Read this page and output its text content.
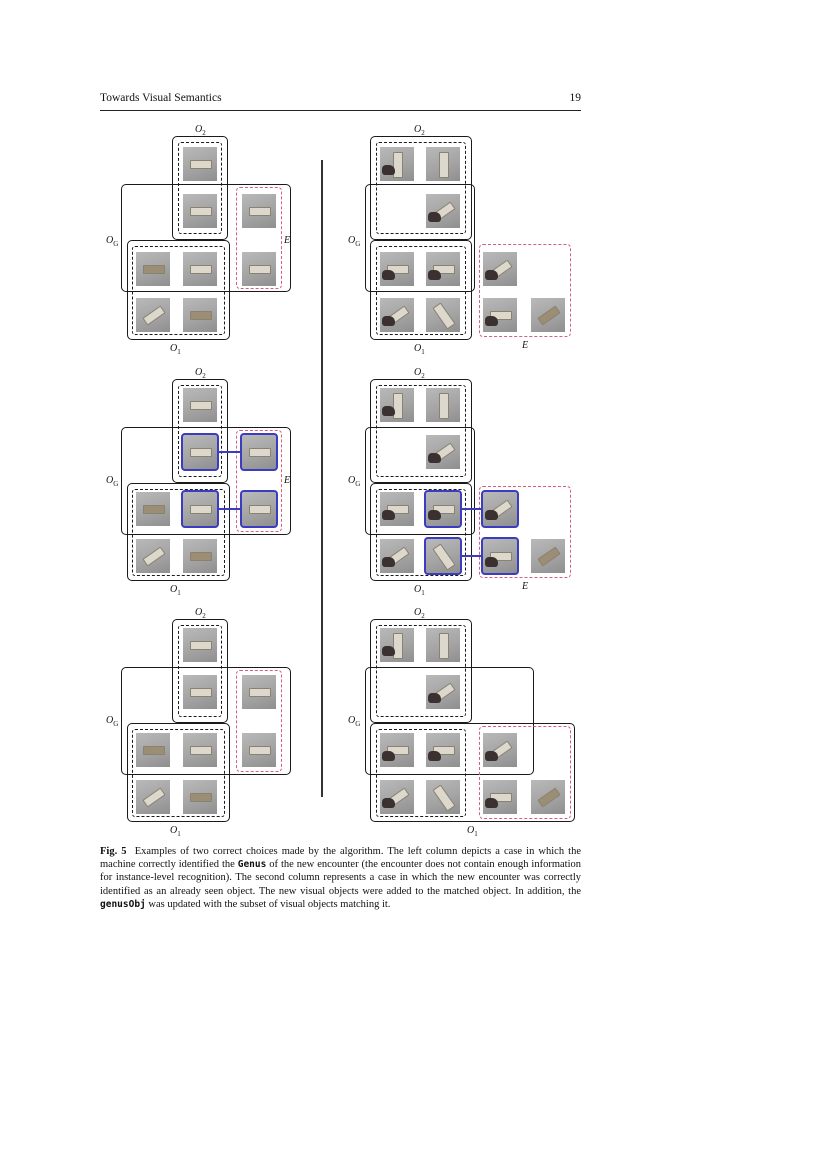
Towards Visual Semantics	19
$O_2$
$O_G$	E
$O_1$
$O_2$
$O_G$	E
$O_1$
$O_2$
$O_G$
$O_1$
$O_2$
$O_G$
E
$O_1$
$O_2$
$O_G$
E
$O_1$
$O_2$
$O_G$
$O_1$
Fig. 5 Examples of two correct choices made by the algorithm. The left column depicts a case in which the machine correctly identified the Genus of the new encounter (the encounter does not contain enough information for instance-level recognition). The second column represents a case in which the new encounter was correctly identified as an already seen object. The new visual objects were added to the matched object. In addition, the genusObj was updated with the subset of visual objects matching it.
